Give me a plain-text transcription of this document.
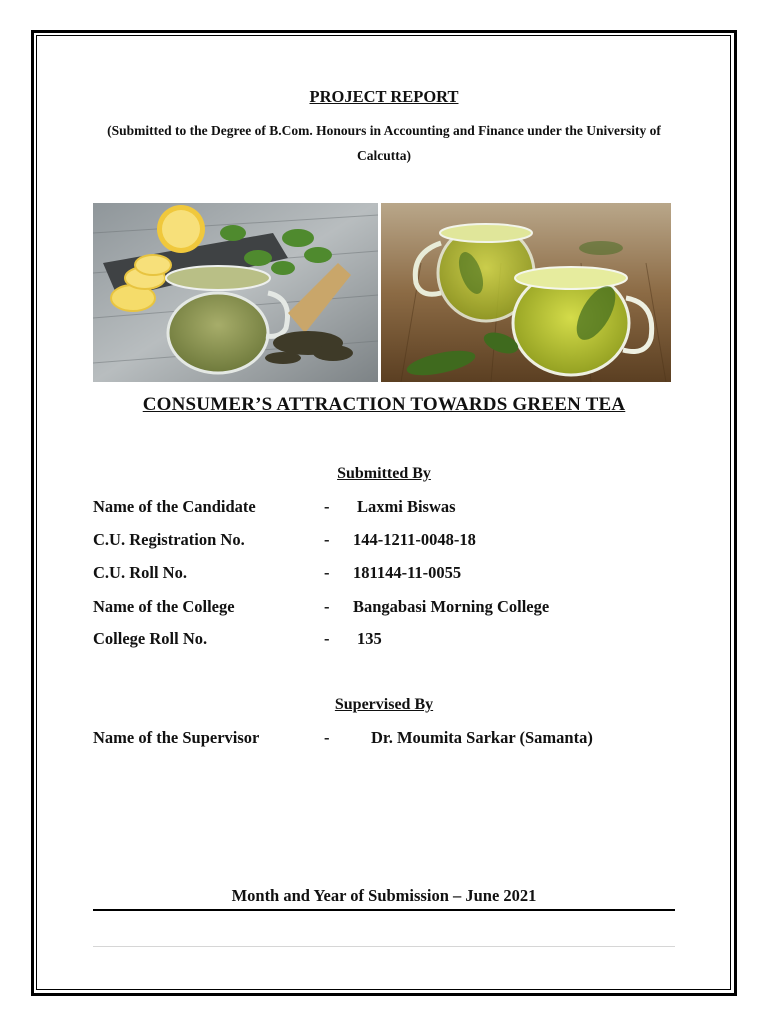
PROJECT REPORT
(Submitted to the Degree of B.Com. Honours in Accounting and Finance under the University of Calcutta)
CONSUMER’S ATTRACTION TOWARDS GREEN TEA
Submitted By
Name of the Candidate	- Laxmi Biswas
C.U. Registration No.	- 144-1211-0048-18
C.U. Roll No.	- 181144-11-0055
Name of the College	- Bangabasi Morning College
College Roll No.	- 135
Supervised By
Name of the Supervisor	-	Dr. Moumita Sarkar (Samanta)
Month and Year of Submission – June 2021
